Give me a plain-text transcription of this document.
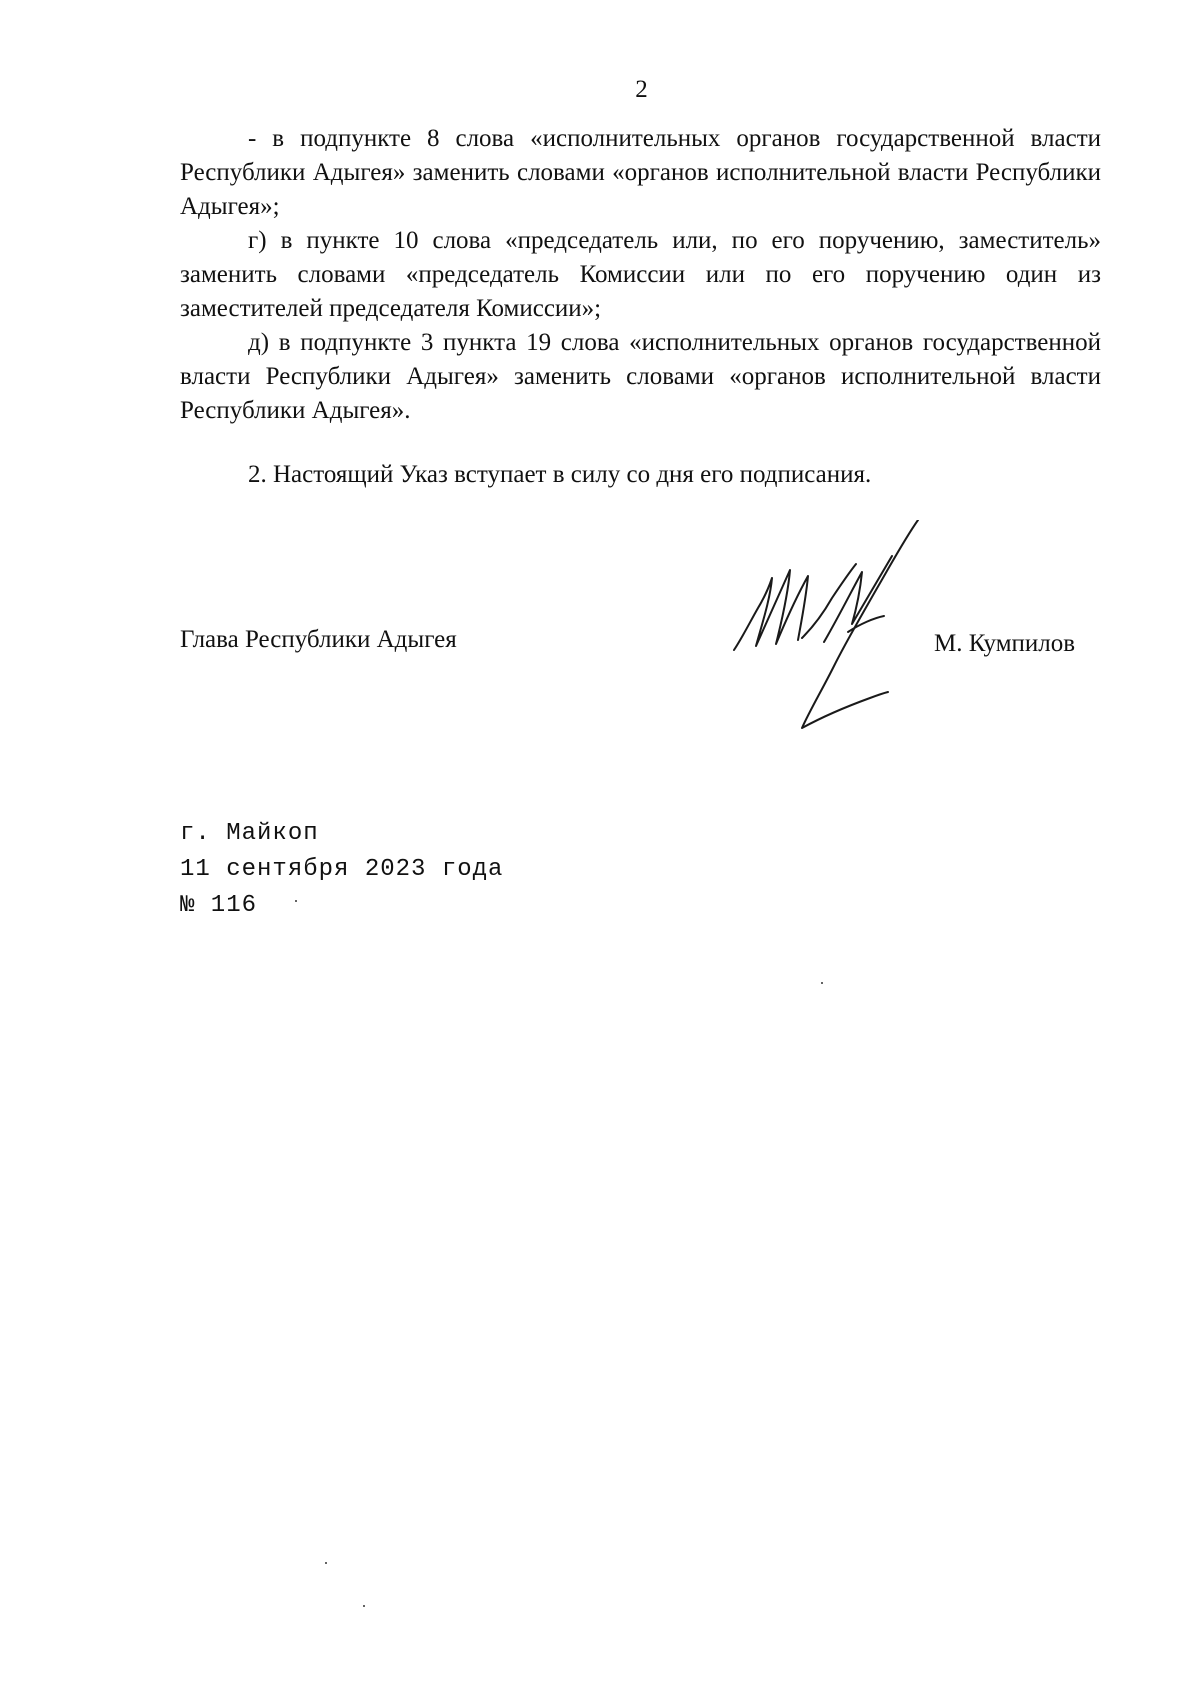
2

- в подпункте 8 слова «исполнительных органов государственной власти Республики Адыгея» заменить словами «органов исполнительной власти Республики Адыгея»;

г) в пункте 10 слова «председатель или, по его поручению, заместитель» заменить словами «председатель Комиссии или по его поручению один из заместителей председателя Комиссии»;

д) в подпункте 3 пункта 19 слова «исполнительных органов государственной власти Республики Адыгея» заменить словами «органов исполнительной власти Республики Адыгея».

2. Настоящий Указ вступает в силу со дня его подписания.

Глава Республики Адыгея	М. Кумпилов
г. Майкоп
11 сентября 2023 года
№ 116
